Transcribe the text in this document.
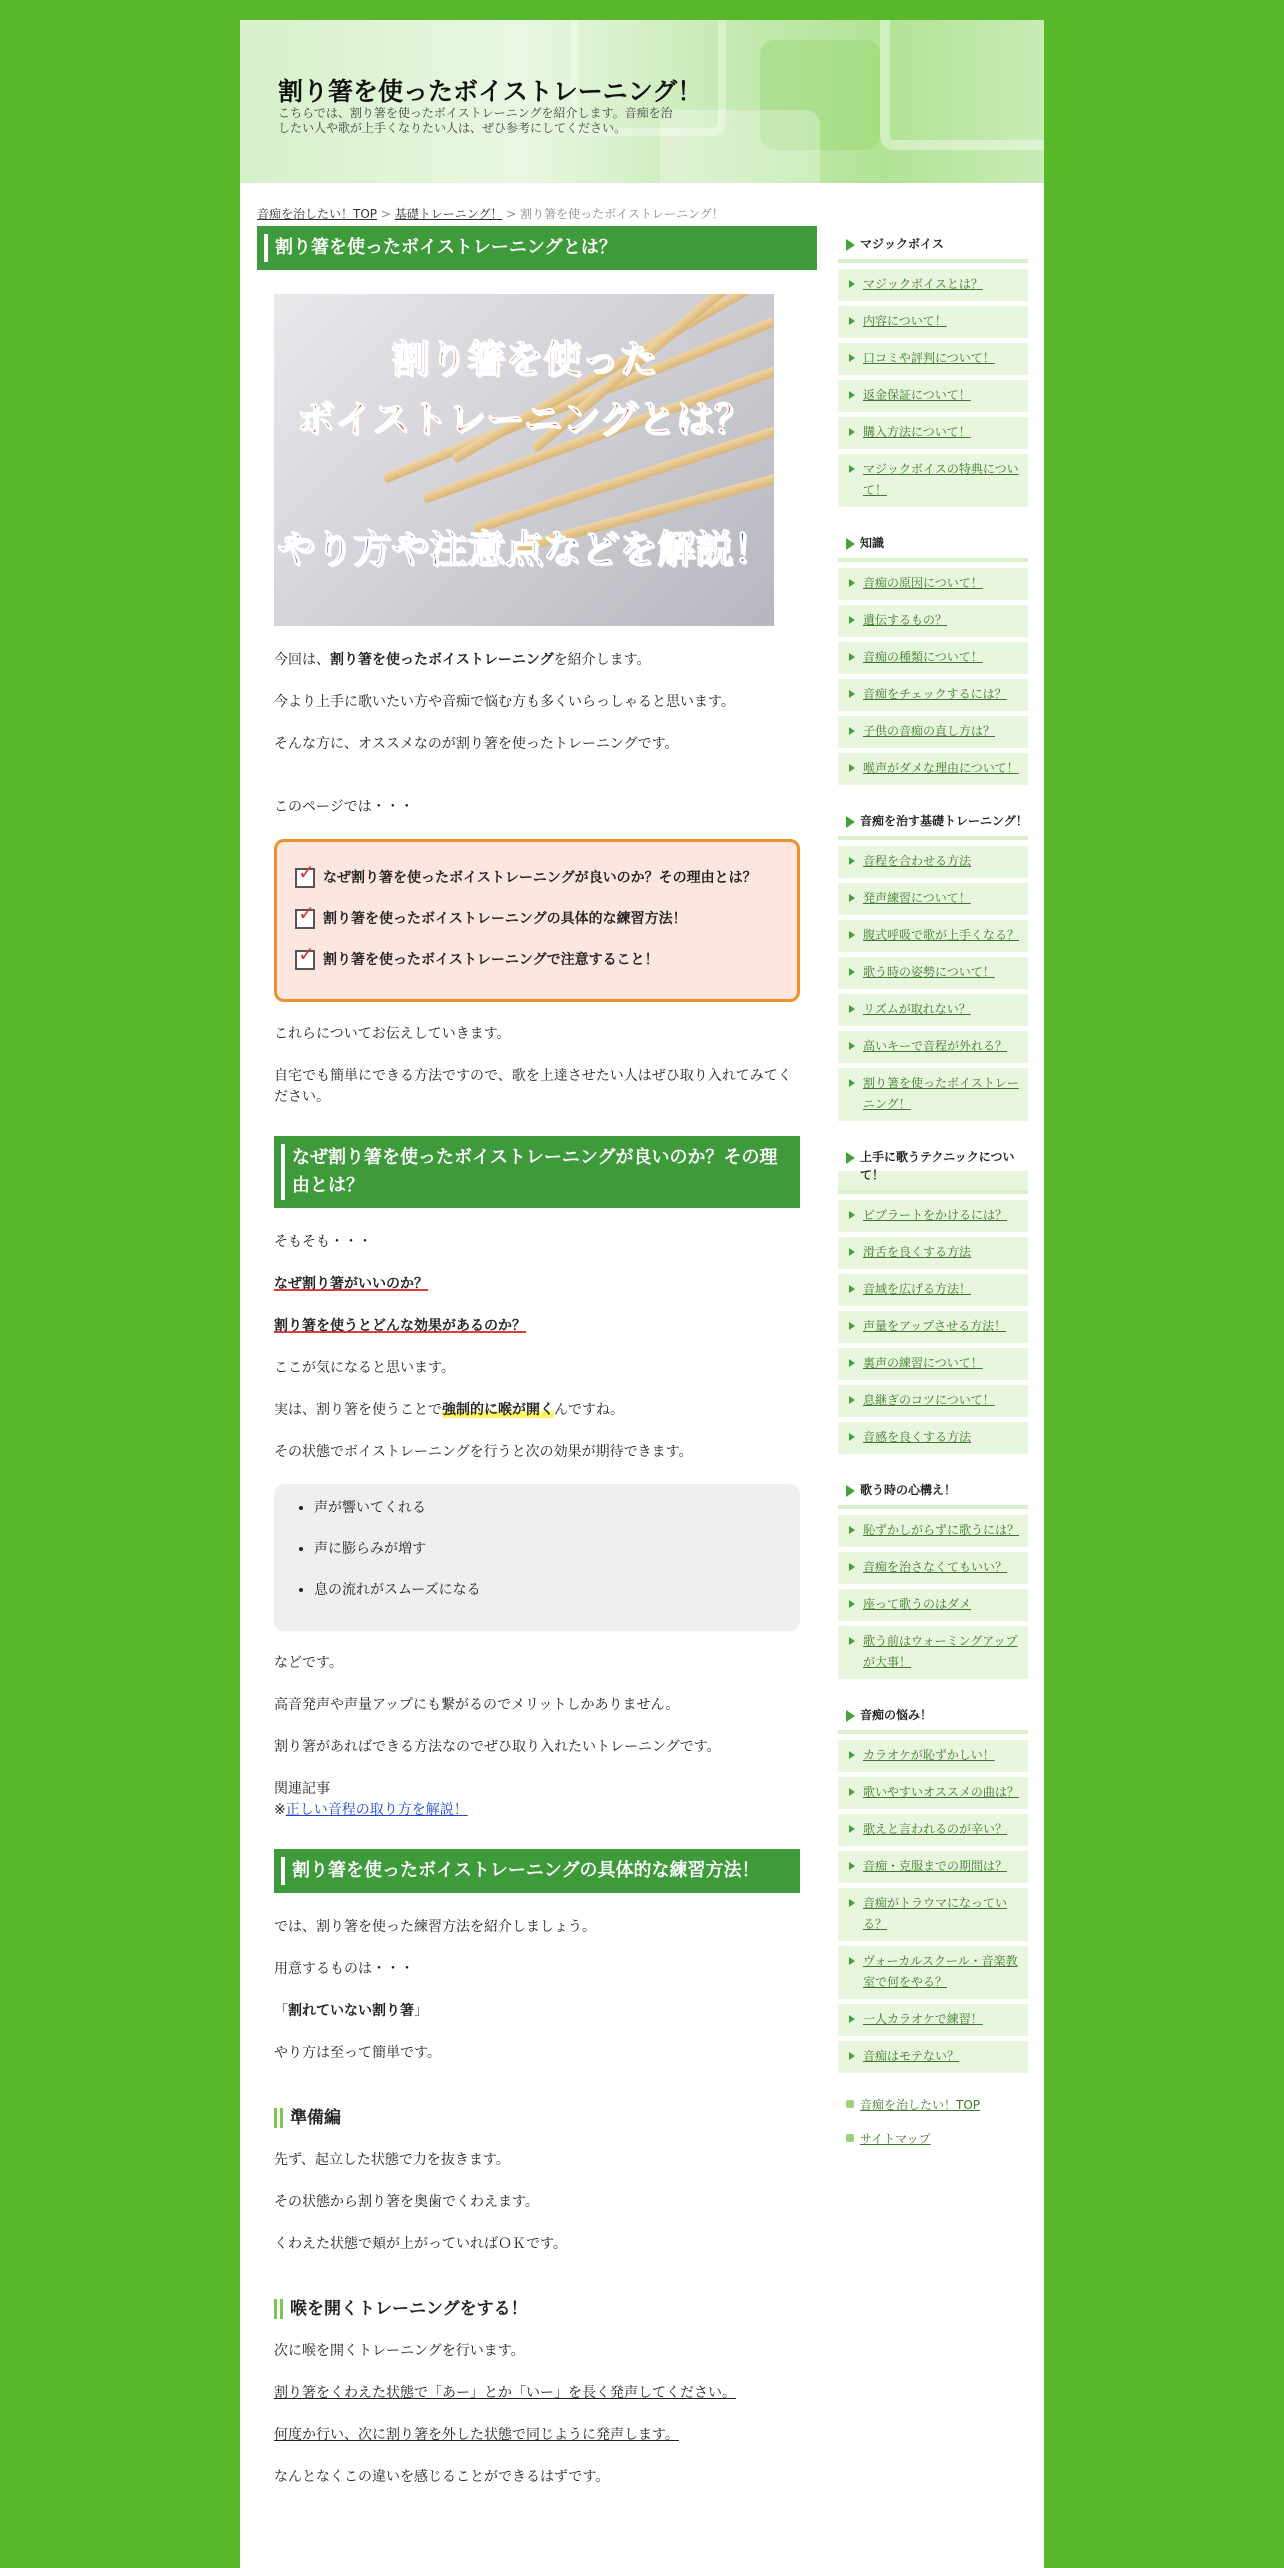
割り箸を使ったボイストレーニング！
こちらでは、割り箸を使ったボイストレーニングを紹介します。音痴を治したい人や歌が上手くなりたい人は、ぜひ参考にしてください。
音痴を治したい！TOP > 基礎トレーニング！ > 割り箸を使ったボイストレーニング！
割り箸を使ったボイストレーニングとは？
割り箸を使った
ボイストレーニングとは？
やり方や注意点などを解説！

今回は、割り箸を使ったボイストレーニングを紹介します。

今より上手に歌いたい方や音痴で悩む方も多くいらっしゃると思います。

そんな方に、オススメなのが割り箸を使ったトレーニングです。

このページでは・・・

✓
なぜ割り箸を使ったボイストレーニングが良いのか？その理由とは？
✓
割り箸を使ったボイストレーニングの具体的な練習方法！
✓
割り箸を使ったボイストレーニングで注意すること！

これらについてお伝えしていきます。

自宅でも簡単にできる方法ですので、歌を上達させたい人はぜひ取り入れてみてください。

なぜ割り箸を使ったボイストレーニングが良いのか？その理由とは？

そもそも・・・

なぜ割り箸がいいのか？

割り箸を使うとどんな効果があるのか？

ここが気になると思います。

実は、割り箸を使うことで強制的に喉が開くんですね。

その状態でボイストレーニングを行うと次の効果が期待できます。

• 声が響いてくれる
• 声に膨らみが増す
• 息の流れがスムーズになる

などです。

高音発声や声量アップにも繋がるのでメリットしかありません。

割り箸があればできる方法なのでぜひ取り入れたいトレーニングです。

関連記事

※正しい音程の取り方を解説！

割り箸を使ったボイストレーニングの具体的な練習方法！

では、割り箸を使った練習方法を紹介しましょう。

用意するものは・・・

「割れていない割り箸」

やり方は至って簡単です。

準備編

先ず、起立した状態で力を抜きます。

その状態から割り箸を奥歯でくわえます。

くわえた状態で頬が上がっていればＯＫです。

喉を開くトレーニングをする！

次に喉を開くトレーニングを行います。

割り箸をくわえた状態で「あー」とか「いー」を長く発声してください。

何度か行い、次に割り箸を外した状態で同じように発声します。

なんとなくこの違いを感じることができるはずです。

マジックボイス
マジックボイスとは？
内容について！
口コミや評判について！
返金保証について！
購入方法について！
マジックボイスの特典について！
知識
音痴の原因について！
遺伝するもの？
音痴の種類について！
音痴をチェックするには？
子供の音痴の直し方は？
喉声がダメな理由について！
音痴を治す基礎トレーニング！
音程を合わせる方法
発声練習について！
腹式呼吸で歌が上手くなる？
歌う時の姿勢について！
リズムが取れない？
高いキーで音程が外れる？
割り箸を使ったボイストレーニング！
上手に歌うテクニックについて！
ビブラートをかけるには？
滑舌を良くする方法
音域を広げる方法！
声量をアップさせる方法！
裏声の練習について！
息継ぎのコツについて！
音感を良くする方法
歌う時の心構え！
恥ずかしがらずに歌うには？
音痴を治さなくてもいい？
座って歌うのはダメ
歌う前はウォーミングアップが大事！
音痴の悩み！
カラオケが恥ずかしい！
歌いやすいオススメの曲は？
歌えと言われるのが辛い？
音痴・克服までの期間は？
音痴がトラウマになっている？
ヴォーカルスクール・音楽教室で何をやる？
一人カラオケで練習！
音痴はモテない？
音痴を治したい！TOP
サイトマップ
